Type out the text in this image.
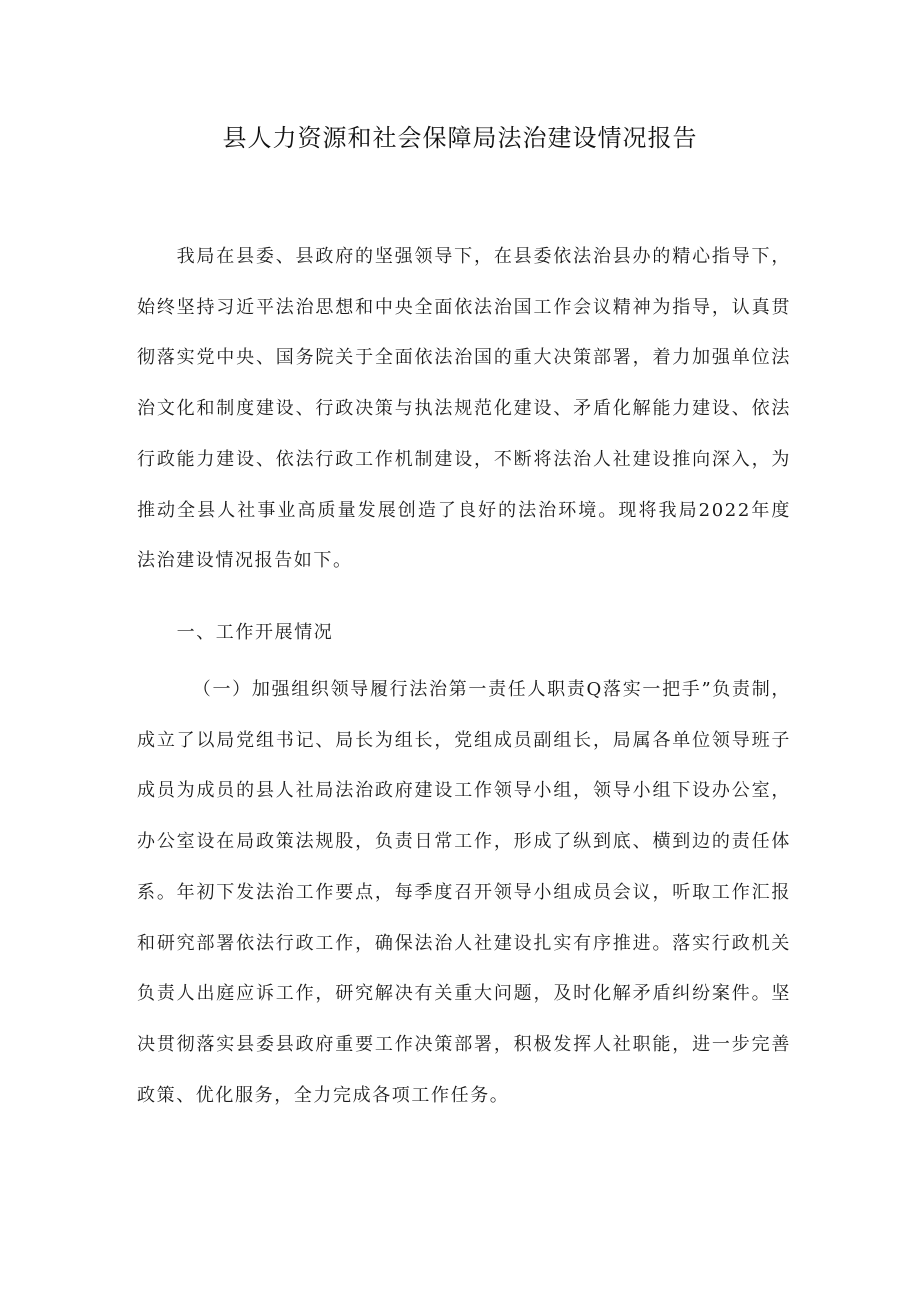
县人力资源和社会保障局法治建设情况报告

我局在县委、县政府的坚强领导下，在县委依法治县办的精心指导下，始终坚持习近平法治思想和中央全面依法治国工作会议精神为指导，认真贯彻落实党中央、国务院关于全面依法治国的重大决策部署，着力加强单位法治文化和制度建设、行政决策与执法规范化建设、矛盾化解能力建设、依法行政能力建设、依法行政工作机制建设，不断将法治人社建设推向深入，为推动全县人社事业高质量发展创造了良好的法治环境。现将我局2022年度法治建设情况报告如下。

一、工作开展情况

（一）加强组织领导履行法治第一责任人职责Q落实一把手”负责制，成立了以局党组书记、局长为组长，党组成员副组长，局属各单位领导班子成员为成员的县人社局法治政府建设工作领导小组，领导小组下设办公室，办公室设在局政策法规股，负责日常工作，形成了纵到底、横到边的责任体系。年初下发法治工作要点，每季度召开领导小组成员会议，听取工作汇报和研究部署依法行政工作，确保法治人社建设扎实有序推进。落实行政机关负责人出庭应诉工作，研究解决有关重大问题，及时化解矛盾纠纷案件。坚决贯彻落实县委县政府重要工作决策部署，积极发挥人社职能，进一步完善政策、优化服务，全力完成各项工作任务。
